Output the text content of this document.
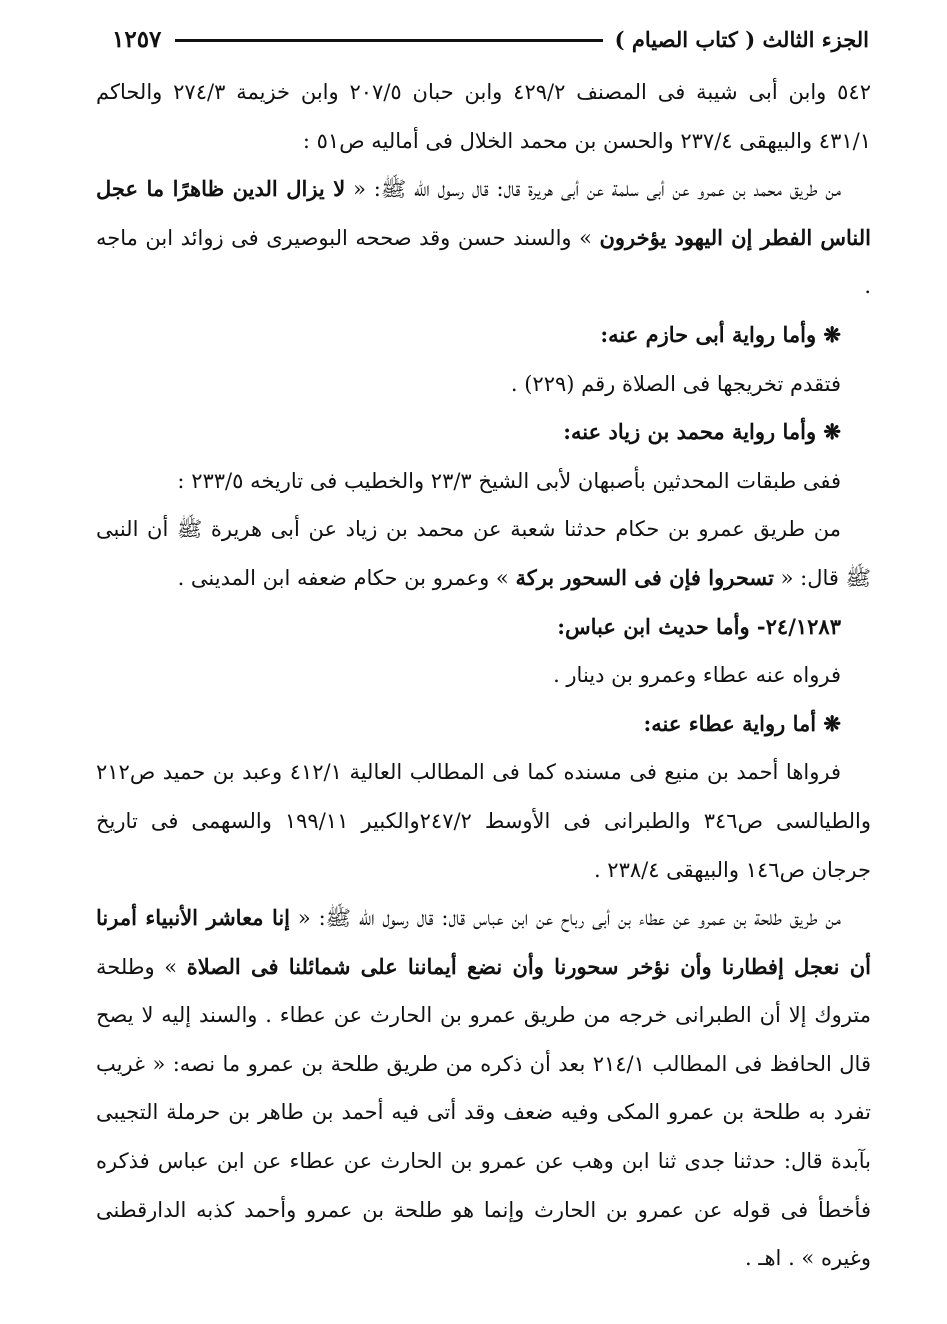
الجزء الثالث ( كتاب الصيام )
١٢٥٧

٥٤٢ وابن أبى شيبة فى المصنف ٤٢٩/٢ وابن حبان ٢٠٧/٥ وابن خزيمة ٢٧٤/٣ والحاكم ٤٣١/١ والبيهقى ٢٣٧/٤ والحسن بن محمد الخلال فى أماليه ص٥١ :

من طريق محمد بن عمرو عن أبى سلمة عن أبى هريرة قال: قال رسول الله ﷺ: « لا يزال الدين ظاهرًا ما عجل الناس الفطر إن اليهود يؤخرون » والسند حسن وقد صححه البوصيرى فى زوائد ابن ماجه .

❋ وأما رواية أبى حازم عنه:

فتقدم تخريجها فى الصلاة رقم (٢٢٩) .

❋ وأما رواية محمد بن زياد عنه:

ففى طبقات المحدثين بأصبهان لأبى الشيخ ٢٣/٣ والخطيب فى تاريخه ٢٣٣/٥ :

من طريق عمرو بن حكام حدثنا شعبة عن محمد بن زياد عن أبى هريرة ﷺ أن النبى ﷺ قال: « تسحروا فإن فى السحور بركة » وعمرو بن حكام ضعفه ابن المدينى .

٢٤/١٢٨٣- وأما حديث ابن عباس:

فرواه عنه عطاء وعمرو بن دينار .

❋ أما رواية عطاء عنه:

فرواها أحمد بن منيع فى مسنده كما فى المطالب العالية ٤١٢/١ وعبد بن حميد ص٢١٢ والطيالسى ص٣٤٦ والطبرانى فى الأوسط ٢٤٧/٢والكبير ١٩٩/١١ والسهمى فى تاريخ جرجان ص١٤٦ والبيهقى ٢٣٨/٤ .

من طريق طلحة بن عمرو عن عطاء بن أبى رباح عن ابن عباس قال: قال رسول الله ﷺ: « إنا معاشر الأنبياء أمرنا أن نعجل إفطارنا وأن نؤخر سحورنا وأن نضع أيماننا على شمائلنا فى الصلاة » وطلحة متروك إلا أن الطبرانى خرجه من طريق عمرو بن الحارث عن عطاء . والسند إليه لا يصح قال الحافظ فى المطالب ٢١٤/١ بعد أن ذكره من طريق طلحة بن عمرو ما نصه: « غريب تفرد به طلحة بن عمرو المكى وفيه ضعف وقد أتى فيه أحمد بن طاهر بن حرملة التجيبى بآبدة قال: حدثنا جدى ثنا ابن وهب عن عمرو بن الحارث عن عطاء عن ابن عباس فذكره فأخطأ فى قوله عن عمرو بن الحارث وإنما هو طلحة بن عمرو وأحمد كذبه الدارقطنى وغيره » . اهـ .
